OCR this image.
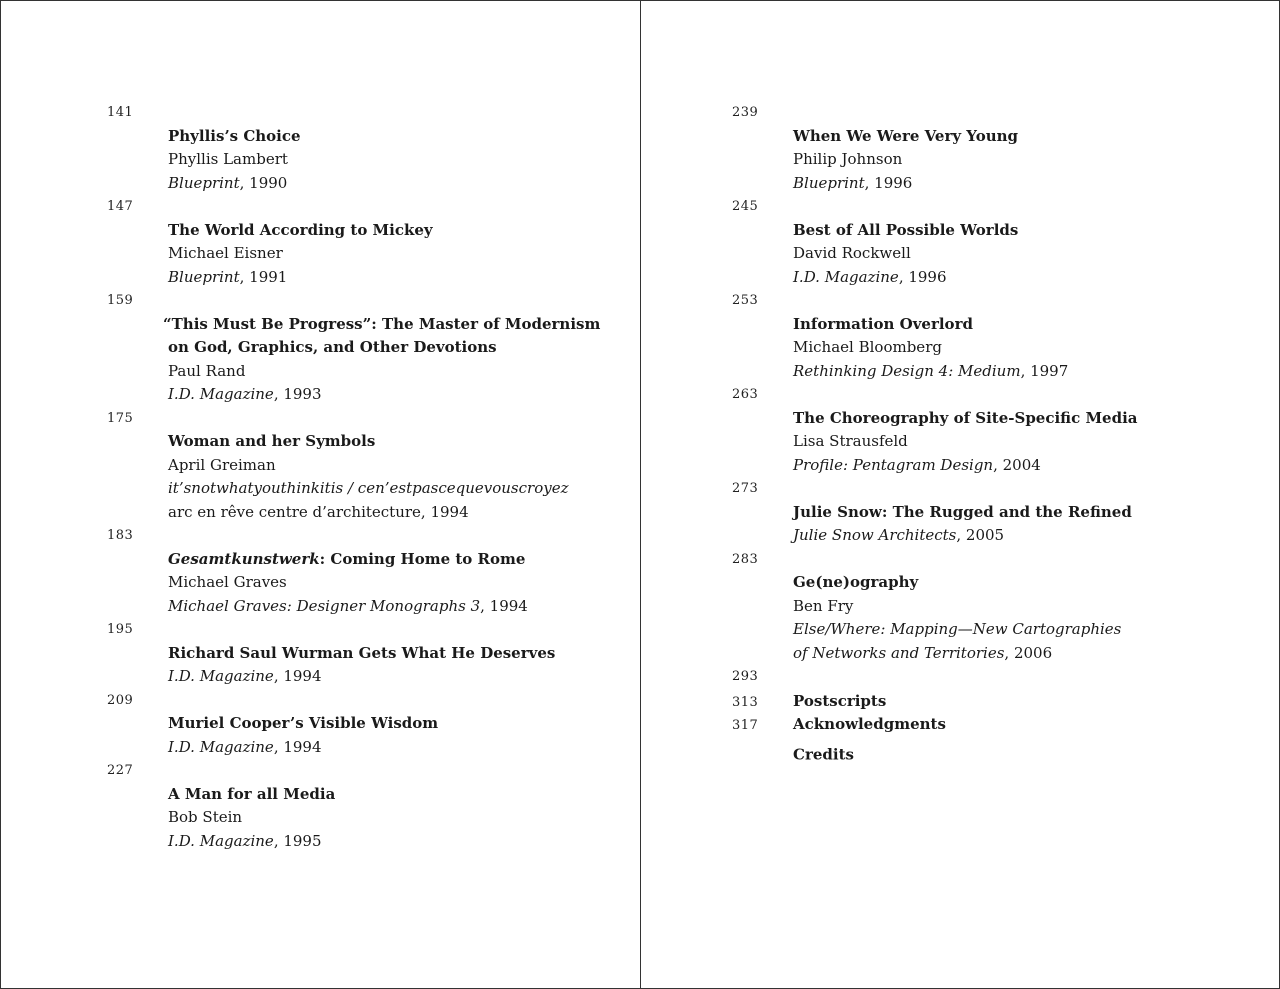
141
Phyllis’s Choice
Phyllis Lambert
Blueprint, 1990
147
The World According to Mickey
Michael Eisner
Blueprint, 1991
159
“This Must Be Progress”: The Master of Modernism
on God, Graphics, and Other Devotions
Paul Rand
I.D. Magazine, 1993
175
Woman and her Symbols
April Greiman
it’snotwhatyouthinkitis / cen’estpascequevouscroyez
arc en rêve centre d’architecture, 1994
183
Gesamtkunstwerk: Coming Home to Rome
Michael Graves
Michael Graves: Designer Monographs 3, 1994
195
Richard Saul Wurman Gets What He Deserves
I.D. Magazine, 1994
209
Muriel Cooper’s Visible Wisdom
I.D. Magazine, 1994
227
A Man for all Media
Bob Stein
I.D. Magazine, 1995
239
When We Were Very Young
Philip Johnson
Blueprint, 1996
245
Best of All Possible Worlds
David Rockwell
I.D. Magazine, 1996
253
Information Overlord
Michael Bloomberg
Rethinking Design 4: Medium, 1997
263
The Choreography of Site-Specific Media
Lisa Strausfeld
Profile: Pentagram Design, 2004
273
Julie Snow: The Rugged and the Refined
Julie Snow Architects, 2005
283
Ge(ne)ography
Ben Fry
Else/Where: Mapping—New Cartographies
of Networks and Territories, 2006
293
313 Postscripts
317 Acknowledgments
Credits
